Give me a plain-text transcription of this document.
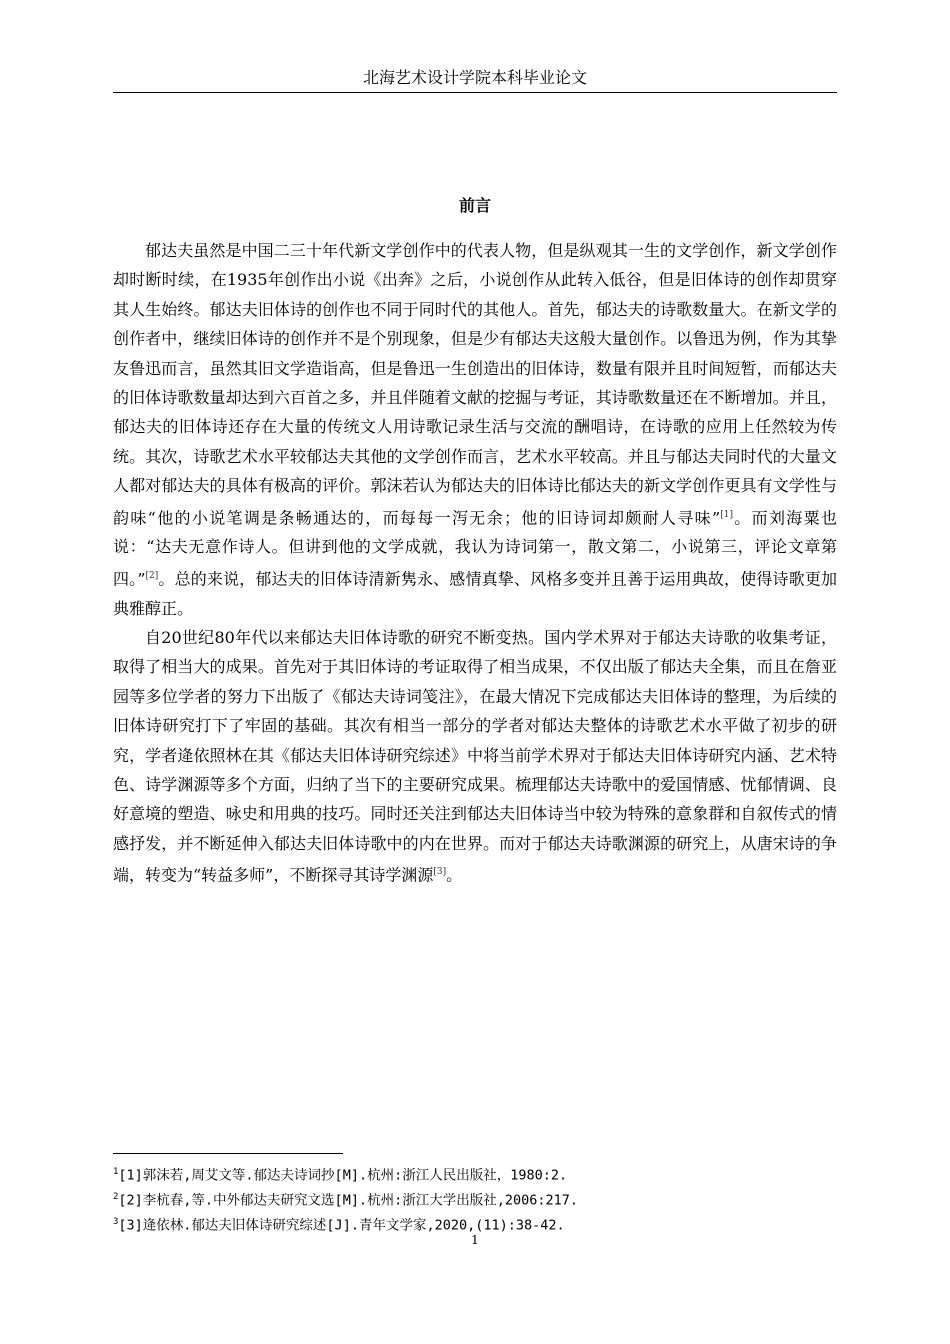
北海艺术设计学院本科毕业论文
前言

郁达夫虽然是中国二三十年代新文学创作中的代表人物，但是纵观其一生的文学创作，新文学创作却时断时续，在1935年创作出小说《出奔》之后，小说创作从此转入低谷，但是旧体诗的创作却贯穿其人生始终。郁达夫旧体诗的创作也不同于同时代的其他人。首先，郁达夫的诗歌数量大。在新文学的创作者中，继续旧体诗的创作并不是个别现象，但是少有郁达夫这般大量创作。以鲁迅为例，作为其挚友鲁迅而言，虽然其旧文学造诣高，但是鲁迅一生创造出的旧体诗，数量有限并且时间短暂，而郁达夫的旧体诗歌数量却达到六百首之多，并且伴随着文献的挖掘与考证，其诗歌数量还在不断增加。并且，郁达夫的旧体诗还存在大量的传统文人用诗歌记录生活与交流的酬唱诗，在诗歌的应用上任然较为传统。其次，诗歌艺术水平较郁达夫其他的文学创作而言，艺术水平较高。并且与郁达夫同时代的大量文人都对郁达夫的具体有极高的评价。郭沫若认为郁达夫的旧体诗比郁达夫的新文学创作更具有文学性与韵味“他的小说笔调是条畅通达的，而每每一泻无余；他的旧诗词却颇耐人寻味”[1]。而刘海粟也说：“达夫无意作诗人。但讲到他的文学成就，我认为诗词第一，散文第二，小说第三，评论文章第四。”[2]。总的来说，郁达夫的旧体诗清新隽永、感情真挚、风格多变并且善于运用典故，使得诗歌更加典雅醇正。

自20世纪80年代以来郁达夫旧体诗歌的研究不断变热。国内学术界对于郁达夫诗歌的收集考证，取得了相当大的成果。首先对于其旧体诗的考证取得了相当成果，不仅出版了郁达夫全集，而且在詹亚园等多位学者的努力下出版了《郁达夫诗词笺注》，在最大情况下完成郁达夫旧体诗的整理，为后续的旧体诗研究打下了牢固的基础。其次有相当一部分的学者对郁达夫整体的诗歌艺术水平做了初步的研究，学者逄依照林在其《郁达夫旧体诗研究综述》中将当前学术界对于郁达夫旧体诗研究内涵、艺术特色、诗学渊源等多个方面，归纳了当下的主要研究成果。梳理郁达夫诗歌中的爱国情感、忧郁情调、良好意境的塑造、咏史和用典的技巧。同时还关注到郁达夫旧体诗当中较为特殊的意象群和自叙传式的情感抒发，并不断延伸入郁达夫旧体诗歌中的内在世界。而对于郁达夫诗歌渊源的研究上，从唐宋诗的争端，转变为“转益多师”，不断探寻其诗学渊源[3]。

$^1$[1]郭沫若,周艾文等.郁达夫诗词抄[M].杭州:浙江人民出版社，1980:2.
$^2$[2]李杭春,等.中外郁达夫研究文选[M].杭州:浙江大学出版社,2006:217.
$^3$[3]逄依林.郁达夫旧体诗研究综述[J].青年文学家,2020,(11):38-42.
1
